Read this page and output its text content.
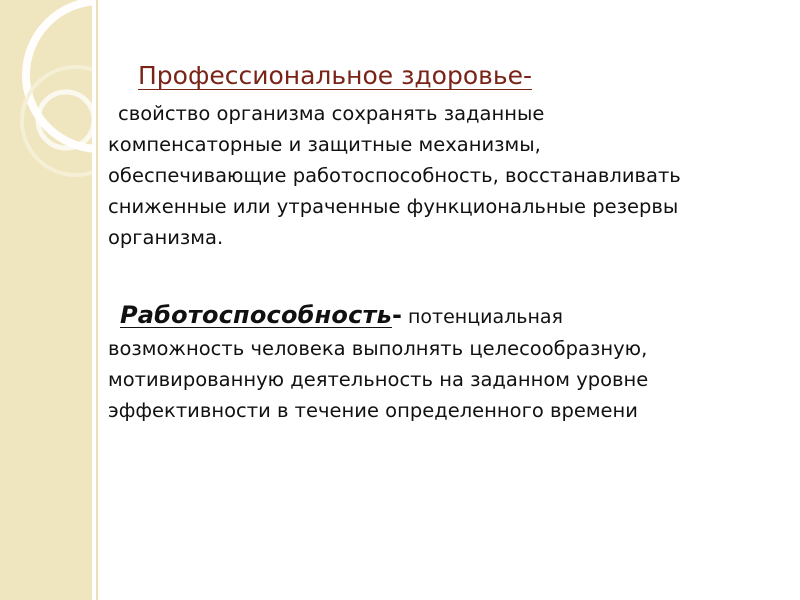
Профессиональное здоровье-
свойство организма сохранять заданные
компенсаторные и защитные механизмы,
обеспечивающие работоспособность, восстанавливать
сниженные или утраченные функциональные резервы
организма.
Работоспособность- потенциальная
возможность человека выполнять целесообразную,
мотивированную деятельность на заданном уровне
эффективности в течение определенного времени
